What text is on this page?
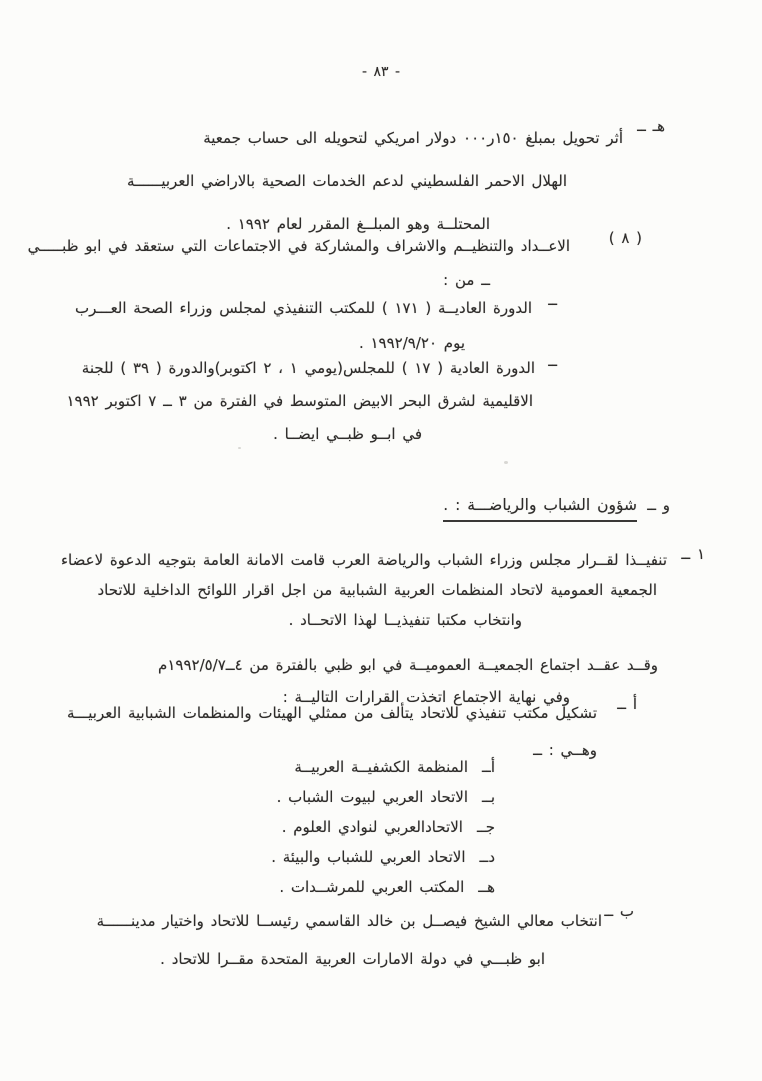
- ٨٣ -
هـ ــ
أثر تحويل بمبلغ ١٥٠ر٠٠٠ دولار امريكي لتحويله الى حساب جمعية
الهلال الاحمر الفلسطيني لدعم الخدمات الصحية بالاراضي العربيــــــة
المحتلــة وهو المبلــغ المقرر لعام ١٩٩٢ .
( ٨ )
الاعــداد والتنظيــم والاشراف والمشاركة في الاجتماعات التي ستعقد في ابو ظبـــــي
ــ من :
ــ
الدورة العاديــة ( ١٧١ ) للمكتب التنفيذي لمجلس وزراء الصحة العـــرب
يوم ١٩٩٢/٩/٢٠ .
ــ
الدورة العادية ( ١٧ ) للمجلس(يومي ١ ، ٢ اكتوبر)والدورة ( ٣٩ ) للجنة
الاقليمية لشرق البحر الابيض المتوسط في الفترة من ٣ ــ ٧ اكتوبر ١٩٩٢
في ابــو ظبــي ايضــا .
و ــ
شؤون الشباب والرياضـــة : .
١ ــ
تنفيــذا لقــرار مجلس وزراء الشباب والرياضة العرب قامت الامانة العامة بتوجيه الدعوة لاعضاء
الجمعية العمومية لاتحاد المنظمات العربية الشبابية من اجل اقرار اللوائح الداخلية للاتحاد
وانتخاب مكتبا تنفيذيــا لهذا الاتحــاد .
وقــد عقــد اجتماع الجمعيــة العموميــة في ابو ظبي بالفترة من ٤ــ١٩٩٢/٥/٧م
وفي نهاية الاجتماع اتخذت القرارات التاليــة :	أ ــ
تشكيل مكتب تنفيذي للاتحاد يتألف من ممثلي الهيئات والمنظمات الشبابية العربيـــة
وهــي : ــ
أــالمنظمة الكشفيــة العربيــة
بــالاتحاد العربي لبيوت الشباب .
جــالاتحادالعربي لنوادي العلوم .
دــالاتحاد العربي للشباب والبيئة .
هــالمكتب العربي للمرشــدات .
ب ــ
انتخاب معالي الشيخ فيصــل بن خالد القاسمي رئيســا للاتحاد واختيار مدينــــــة
ابو ظبـــي في دولة الامارات العربية المتحدة مقــرا للاتحاد .
